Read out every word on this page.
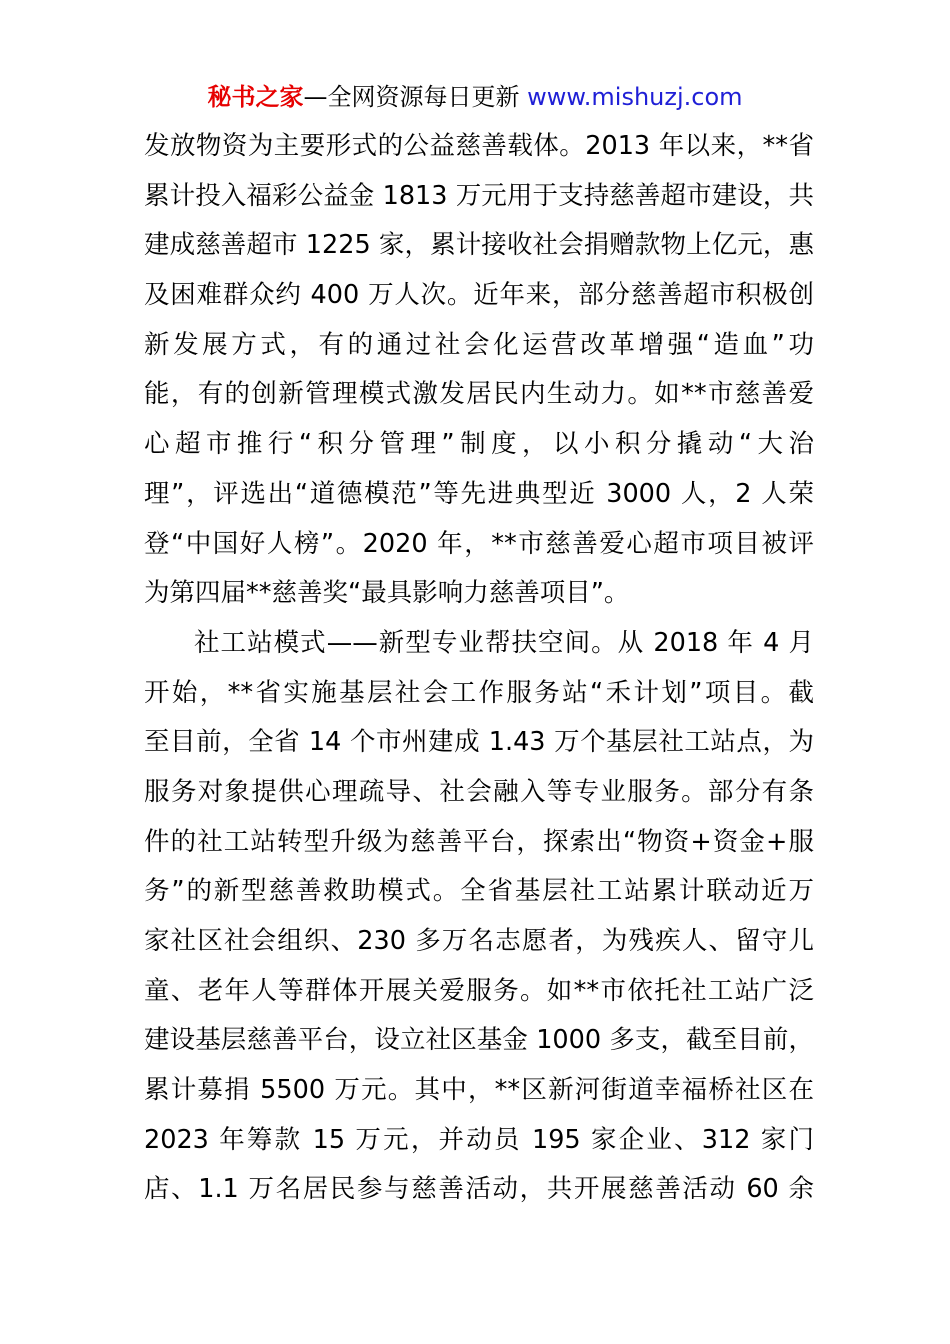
秘书之家—全网资源每日更新 www.mishuzj.com
发放物资为主要形式的公益慈善载体。2013 年以来，**省
累计投入福彩公益金 1813 万元用于支持慈善超市建设，共
建成慈善超市 1225 家，累计接收社会捐赠款物上亿元，惠
及困难群众约 400 万人次。近年来，部分慈善超市积极创
新发展方式，有的通过社会化运营改革增强“造血”功
能，有的创新管理模式激发居民内生动力。如**市慈善爱
心超市推行“积分管理”制度，以小积分撬动“大治
理”，评选出“道德模范”等先进典型近 3000 人，2 人荣
登“中国好人榜”。2020 年，**市慈善爱心超市项目被评
为第四届**慈善奖“最具影响力慈善项目”。
社工站模式——新型专业帮扶空间。从 2018 年 4 月
开始，**省实施基层社会工作服务站“禾计划”项目。截
至目前，全省 14 个市州建成 1.43 万个基层社工站点，为
服务对象提供心理疏导、社会融入等专业服务。部分有条
件的社工站转型升级为慈善平台，探索出“物资+资金+服
务”的新型慈善救助模式。全省基层社工站累计联动近万
家社区社会组织、230 多万名志愿者，为残疾人、留守儿
童、老年人等群体开展关爱服务。如**市依托社工站广泛
建设基层慈善平台，设立社区基金 1000 多支，截至目前，
累计募捐 5500 万元。其中，**区新河街道幸福桥社区在
2023 年筹款 15 万元，并动员 195 家企业、312 家门
店、1.1 万名居民参与慈善活动，共开展慈善活动 60 余
